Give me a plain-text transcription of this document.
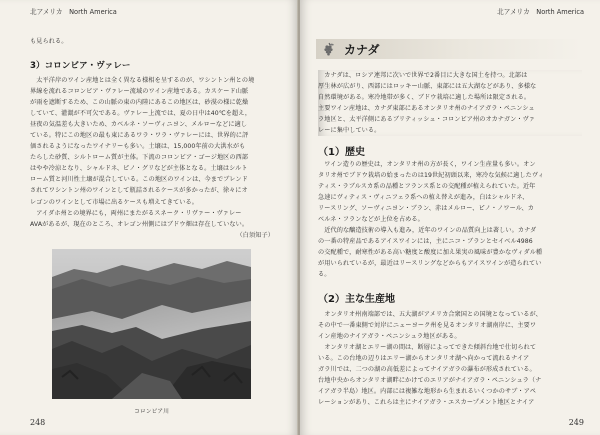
北アメリカ　North America
も見られる。
3）コロンビア・ヴァレー
　太平洋岸のワイン産地とは全く異なる様相を呈するのが、ワシントン州との境
界線を流れるコロンビア・ヴァレー流域のワイン産地である。カスケード山脈
が雨を遮断するため、この山脈の東の内陸にあるこの地区は、砂漠の様に乾燥
していて、灌漑が不可欠である。ヴァレー上流では、夏の日中は40℃を超え，
昼夜の気温差も大きいため、カベルネ・ソーヴィニヨン、メルローなどに適し
ている。特にこの地区の最も東にあるワラ・ワラ・ヴァレーには、世界的に評
価されるようになったワイナリーも多い。土壌は、15,000年前の大洪水がも
たらした砂質、シルトローム質が主体。下流のコロンビア・ゴージ地区の西部
はやや冷涼となり、シャルドネ、ピノ・グリなどが主体となる。土壌はシルト
ローム質と河川性土壌が混合している。この地区のワインは、今までブレンド
されてワシントン州のワインとして瓶詰されるケースが多かったが、徐々にオ
レゴンのワインとして市場に出るケースも増えてきている。
　アイダホ州との境界にも，両州にまたがるスネーク・リヴァー・ヴァレー
AVAがあるが、現在のところ、オレゴン州側にはブドウ畑は存在していない。
（白須知子）
コロンビア川
248
北アメリカ　North America
249
カナダ
　カナダは、ロシア連邦に次いで世界で2番目に大きな国土を持つ。北部は
厚生林が広がり、西部にはロッキー山脈、東部には五大湖などがあり、多様な
自然環境がある。寒冷地帯が多く、ブドウ栽培に適した場所は限定される。
主要ワイン産地は、カナダ東部にあるオンタリオ州のナイアガラ・ペニンシュ
ラ地区と、太平洋側にあるブリティッシュ・コロンビア州のオカナガン・ヴァ
レーに集中している。
（1）歴史
　ワイン造りの歴史は，オンタリオ州の方が長く，ワイン生産量も多い。オン
タリオ州でブドウ栽培の始まったのは19世紀初頭以来，寒冷な気候に適したヴィ
ティス・ラブルスカ系の品種とフランス系との交配種が植えられていた。近年
急速にヴィティス・ヴィニフェラ系への植え替えが進み，白はシャルドネ、
リースリング、ソーヴィニヨン・ブラン、赤はメルロー、ピノ・ノワール、カ
ベルネ・フランなどが上位を占める。
　近代的な醸造技術の導入も進み，近年のワインの品質向上は著しい。カナダ
の一番の特産品であるアイスワインには，主にニコ・ブランとセイベル4986
の交配種で，耐寒性がある高い糖度と酸度に加え果実の風味が豊かなヴィダル種
が用いられているが，最近はリースリングなどからもアイスワインが造られてい
る。
（2）主な生産地
　オンタリオ州南端部では、五大湖がアメリカ合衆国との国境となっているが、
その中で一番東側で対岸にニューヨーク州を見るオンタリオ湖南岸に、主要ワ
イン産地のナイアガラ・ペニンシュラ地区がある。
　オンタリオ湖とエリー湖の間は、断層によってできた傾斜台地で仕切られて
いる。この台地の辺りはエリー湖からオンタリオ湖へ向かって流れるナイア
ガラ川では、二つの湖の高低差によってナイアガラの瀑布が形成されている。
台地中央からオンタリオ湖畔にかけてのエリアがナイアガラ・ペニンシュラ（ナ
イアガラ半島）地区。内部には複雑な地形から生まれるいくつかのサブ・アペ
レーションがあり、これらは主にナイアガラ・エスカープメント地区とナイア
